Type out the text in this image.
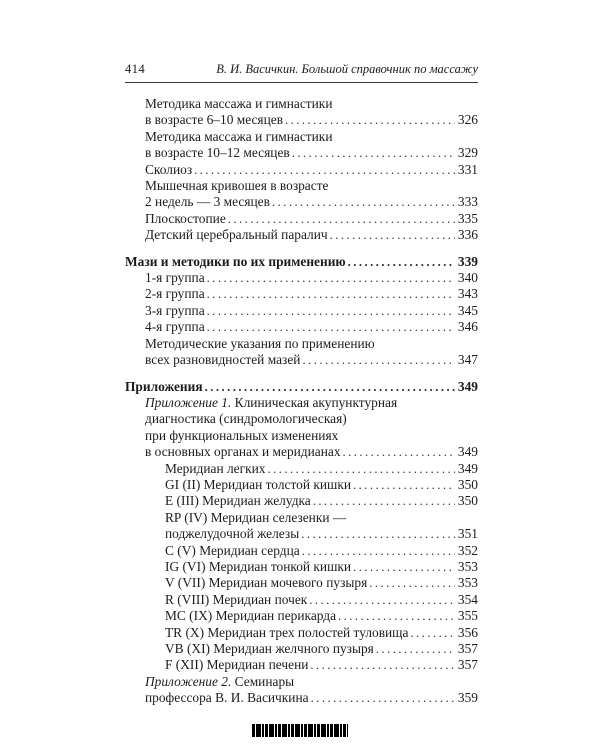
414	В. И. Васичкин. Большой справочник по массажу
Методика массажа и гимнастики
в возрасте 6–10 месяцев .....	326
Методика массажа и гимнастики
в возрасте 10–12 месяцев .....	329
Сколиоз .....	331
Мышечная кривошея в возрасте
2 недель — 3 месяцев .....	333
Плоскостопие .....	335
Детский церебральный паралич .....	336
Мази и методики по их применению .....	339
1-я группа .....	340
2-я группа .....	343
3-я группа .....	345
4-я группа .....	346
Методические указания по применению
всех разновидностей мазей .....	347
Приложения .....	349
Приложение 1. Клиническая акупунктурная
диагностика (синдромологическая)
при функциональных изменениях
в основных органах и меридианах .....	349
Меридиан легких .....	349
GI (II) Меридиан толстой кишки .....	350
E (III) Меридиан желудка .....	350
RP (IV) Меридиан селезенки —
поджелудочной железы .....	351
C (V) Меридиан сердца .....	352
IG (VI) Меридиан тонкой кишки .....	353
V (VII) Меридиан мочевого пузыря .....	353
R (VIII) Меридиан почек .....	354
MC (IX) Меридиан перикарда .....	355
TR (X) Меридиан трех полостей туловища .....	356
VB (XI) Меридиан желчного пузыря .....	357
F (XII) Меридиан печени .....	357
Приложение 2. Семинары
профессора В. И. Васичкина .....	359
